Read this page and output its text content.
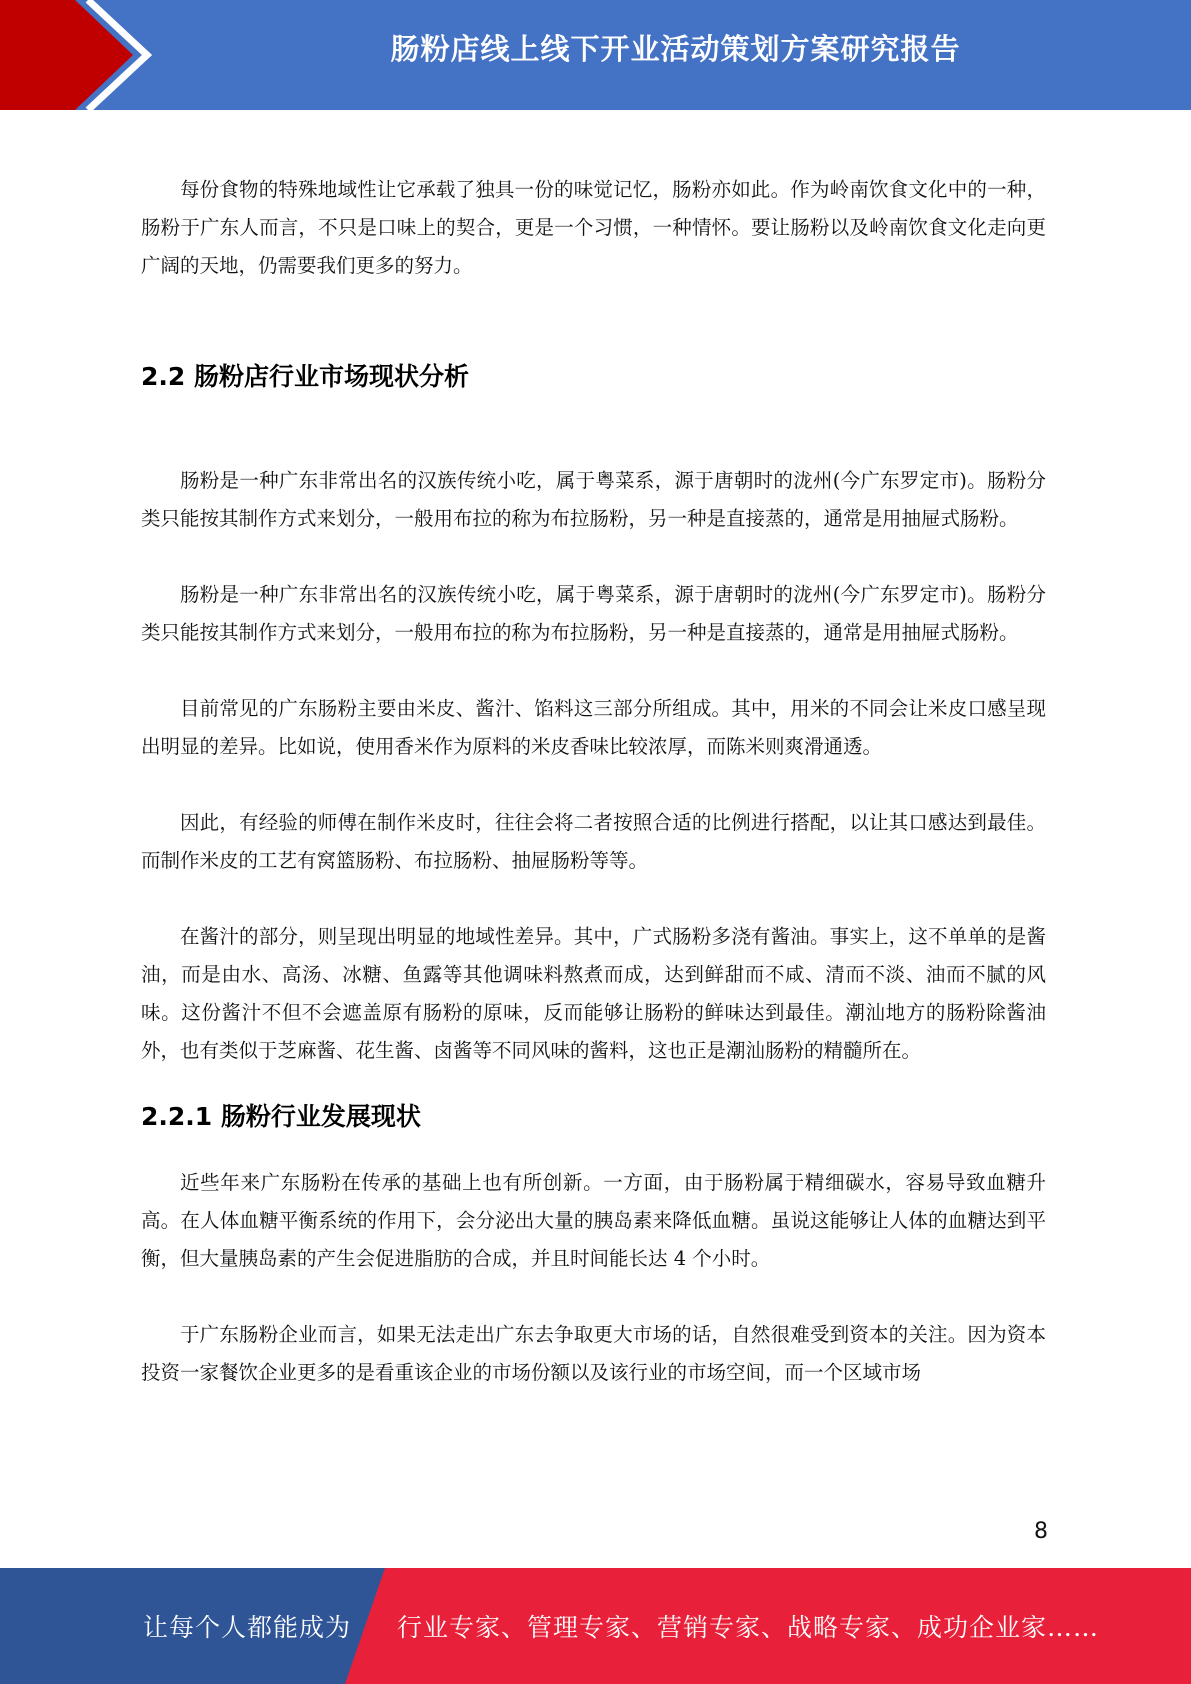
肠粉店线上线下开业活动策划方案研究报告

每份食物的特殊地域性让它承载了独具一份的味觉记忆，肠粉亦如此。作为岭南饮食文化中的一种，肠粉于广东人而言，不只是口味上的契合，更是一个习惯，一种情怀。要让肠粉以及岭南饮食文化走向更广阔的天地，仍需要我们更多的努力。

2.2 肠粉店行业市场现状分析

肠粉是一种广东非常出名的汉族传统小吃，属于粤菜系，源于唐朝时的泷州(今广东罗定市)。肠粉分类只能按其制作方式来划分，一般用布拉的称为布拉肠粉，另一种是直接蒸的，通常是用抽屉式肠粉。

肠粉是一种广东非常出名的汉族传统小吃，属于粤菜系，源于唐朝时的泷州(今广东罗定市)。肠粉分类只能按其制作方式来划分，一般用布拉的称为布拉肠粉，另一种是直接蒸的，通常是用抽屉式肠粉。

目前常见的广东肠粉主要由米皮、酱汁、馅料这三部分所组成。其中，用米的不同会让米皮口感呈现出明显的差异。比如说，使用香米作为原料的米皮香味比较浓厚，而陈米则爽滑通透。

因此，有经验的师傅在制作米皮时，往往会将二者按照合适的比例进行搭配，以让其口感达到最佳。而制作米皮的工艺有窝篮肠粉、布拉肠粉、抽屉肠粉等等。

在酱汁的部分，则呈现出明显的地域性差异。其中，广式肠粉多浇有酱油。事实上，这不单单的是酱油，而是由水、高汤、冰糖、鱼露等其他调味料熬煮而成，达到鲜甜而不咸、清而不淡、油而不腻的风味。这份酱汁不但不会遮盖原有肠粉的原味，反而能够让肠粉的鲜味达到最佳。潮汕地方的肠粉除酱油外，也有类似于芝麻酱、花生酱、卤酱等不同风味的酱料，这也正是潮汕肠粉的精髓所在。

2.2.1 肠粉行业发展现状

近些年来广东肠粉在传承的基础上也有所创新。一方面，由于肠粉属于精细碳水，容易导致血糖升高。在人体血糖平衡系统的作用下，会分泌出大量的胰岛素来降低血糖。虽说这能够让人体的血糖达到平衡，但大量胰岛素的产生会促进脂肪的合成，并且时间能长达 4 个小时。

于广东肠粉企业而言，如果无法走出广东去争取更大市场的话，自然很难受到资本的关注。因为资本投资一家餐饮企业更多的是看重该企业的市场份额以及该行业的市场空间，而一个区域市场

8
让每个人都能成为 行业专家、管理专家、营销专家、战略专家、成功企业家……
